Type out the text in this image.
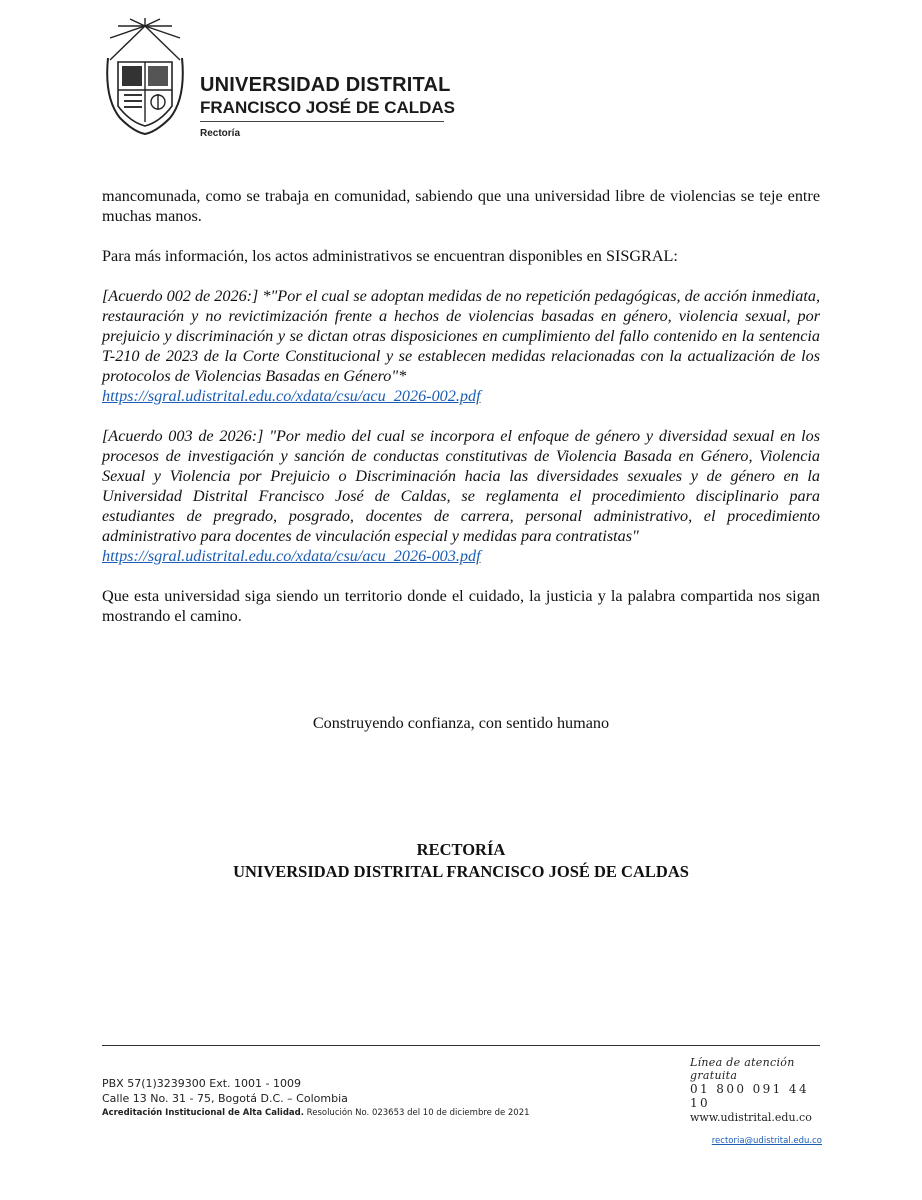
UNIVERSIDAD DISTRITAL
FRANCISCO JOSÉ DE CALDAS
Rectoría

mancomunada, como se trabaja en comunidad, sabiendo que una universidad libre de violencias se teje entre muchas manos.

Para más información, los actos administrativos se encuentran disponibles en SISGRAL:

[Acuerdo 002 de 2026:] *"Por el cual se adoptan medidas de no repetición pedagógicas, de acción inmediata, restauración y no revictimización frente a hechos de violencias basadas en género, violencia sexual, por prejuicio y discriminación y se dictan otras disposiciones en cumplimiento del fallo contenido en la sentencia T-210 de 2023 de la Corte Constitucional y se establecen medidas relacionadas con la actualización de los protocolos de Violencias Basadas en Género"*
https://sgral.udistrital.edu.co/xdata/csu/acu_2026-002.pdf
[Acuerdo 003 de 2026:] "Por medio del cual se incorpora el enfoque de género y diversidad sexual en los procesos de investigación y sanción de conductas constitutivas de Violencia Basada en Género, Violencia Sexual y Violencia por Prejuicio o Discriminación hacia las diversidades sexuales y de género en la Universidad Distrital Francisco José de Caldas, se reglamenta el procedimiento disciplinario para estudiantes de pregrado, posgrado, docentes de carrera, personal administrativo, el procedimiento administrativo para docentes de vinculación especial y medidas para contratistas"
https://sgral.udistrital.edu.co/xdata/csu/acu_2026-003.pdf

Que esta universidad siga siendo un territorio donde el cuidado, la justicia y la palabra compartida nos sigan mostrando el camino.

Construyendo confianza, con sentido humano
RECTORÍA
UNIVERSIDAD DISTRITAL FRANCISCO JOSÉ DE CALDAS
PBX 57(1)3239300 Ext. 1001 - 1009
Calle 13 No. 31 - 75, Bogotá D.C. – Colombia
Acreditación Institucional de Alta Calidad. Resolución No. 023653 del 10 de diciembre de 2021
Línea de atención gratuita
01 800 091 44 10
www.udistrital.edu.co
rectoria@udistrital.edu.co
